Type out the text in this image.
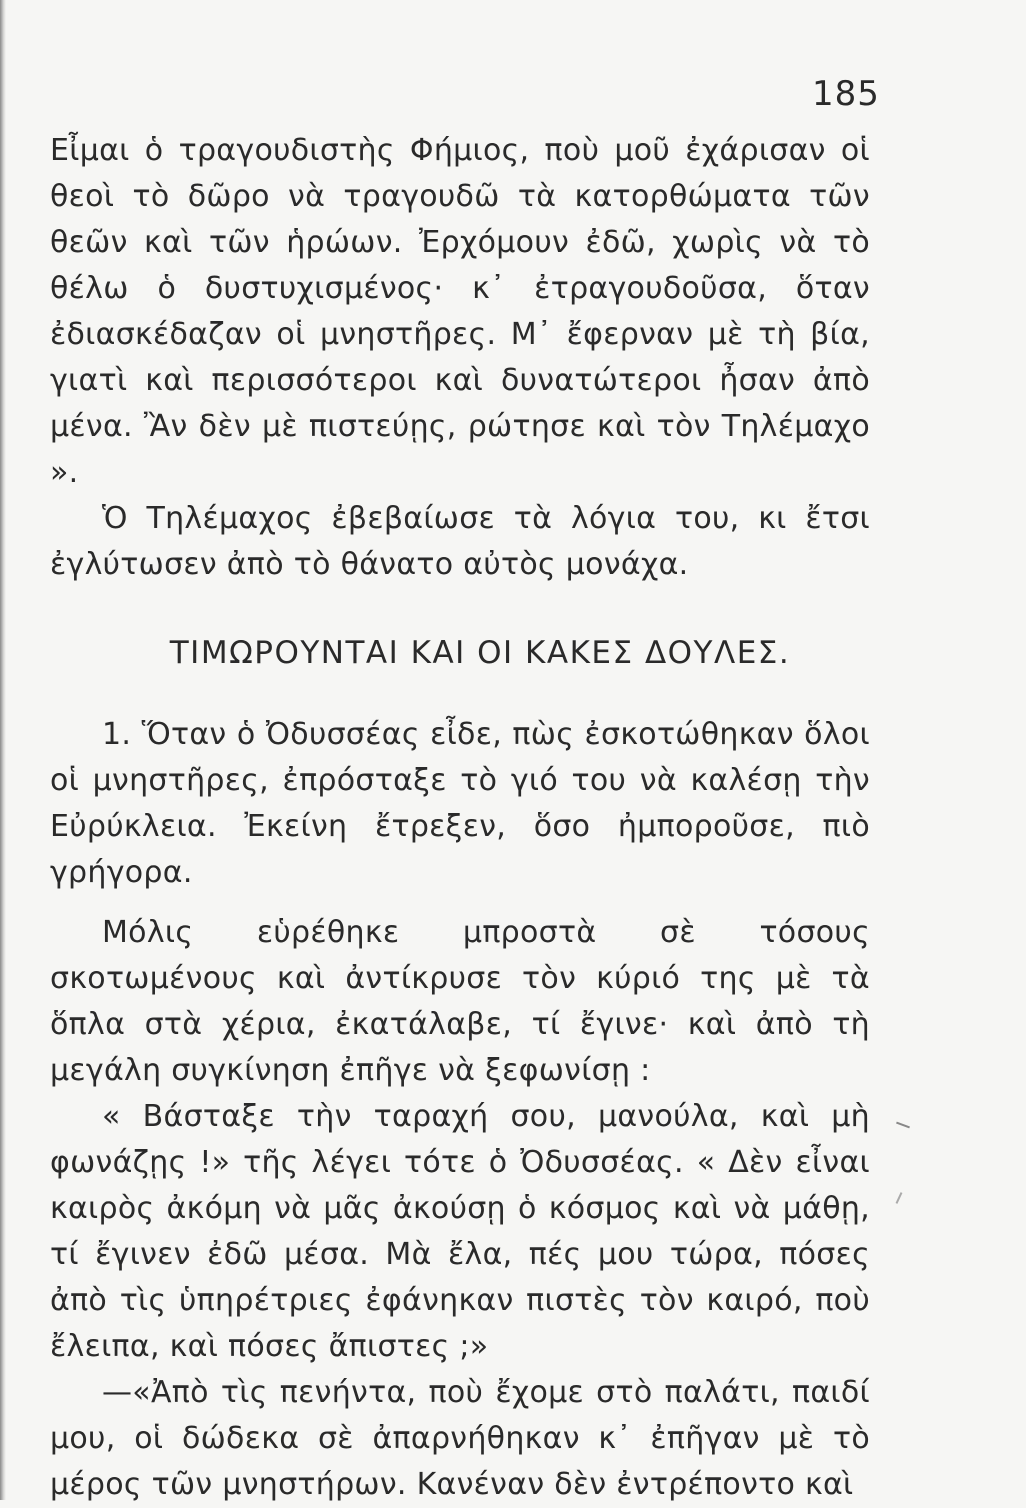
185

Εἶμαι ὁ τραγουδιστὴς Φήμιος, ποὺ μοῦ ἐχάρισαν οἱ θεοὶ τὸ δῶρο νὰ τραγουδῶ τὰ κατορθώματα τῶν θεῶν καὶ τῶν ἡρώων. Ἐρχόμουν ἐδῶ, χωρὶς νὰ τὸ θέλω ὁ δυστυχισμένος· κ᾿ ἐτραγουδοῦσα, ὅταν ἐδιασκέδαζαν οἱ μνηστῆρες. Μ᾿ ἔφερναν μὲ τὴ βία, γιατὶ καὶ περισσότεροι καὶ δυνατώτεροι ἦσαν ἀπὸ μένα. Ἂν δὲν μὲ πιστεύῃς, ρώτησε καὶ τὸν Τηλέμαχο ».

Ὁ Τηλέμαχος ἐβεβαίωσε τὰ λόγια του, κι ἔτσι ἐγλύτωσεν ἀπὸ τὸ θάνατο αὐτὸς μονάχα.

ΤΙΜΩΡΟΥΝΤΑΙ ΚΑΙ ΟΙ ΚΑΚΕΣ ΔΟΥΛΕΣ.

1. Ὅταν ὁ Ὀδυσσέας εἶδε, πὼς ἐσκοτώθηκαν ὅλοι οἱ μνηστῆρες, ἐπρόσταξε τὸ γιό του νὰ καλέσῃ τὴν Εὐρύκλεια. Ἐκείνη ἔτρεξεν, ὅσο ἠμποροῦσε, πιὸ γρήγορα.

Μόλις εὑρέθηκε μπροστὰ σὲ τόσους σκοτωμένους καὶ ἀντίκρυσε τὸν κύριό της μὲ τὰ ὅπλα στὰ χέρια, ἐκατάλαβε, τί ἔγινε· καὶ ἀπὸ τὴ μεγάλη συγκίνηση ἐπῆγε νὰ ξεφωνίσῃ :

« Βάσταξε τὴν ταραχή σου, μανούλα, καὶ μὴ φωνάζῃς !» τῆς λέγει τότε ὁ Ὀδυσσέας. « Δὲν εἶναι καιρὸς ἀκόμη νὰ μᾶς ἀκούσῃ ὁ κόσμος καὶ νὰ μάθῃ, τί ἔγινεν ἐδῶ μέσα. Μὰ ἔλα, πές μου τώρα, πόσες ἀπὸ τὶς ὑπηρέτριες ἐφάνηκαν πιστὲς τὸν καιρό, ποὺ ἔλειπα, καὶ πόσες ἄπιστες ;»

—«Ἀπὸ τὶς πενήντα, ποὺ ἔχομε στὸ παλάτι, παιδί μου, οἱ δώδεκα σὲ ἀπαρνήθηκαν κ᾿ ἐπῆγαν μὲ τὸ μέρος τῶν μνηστήρων. Κανέναν δὲν ἐντρέποντο καὶ
